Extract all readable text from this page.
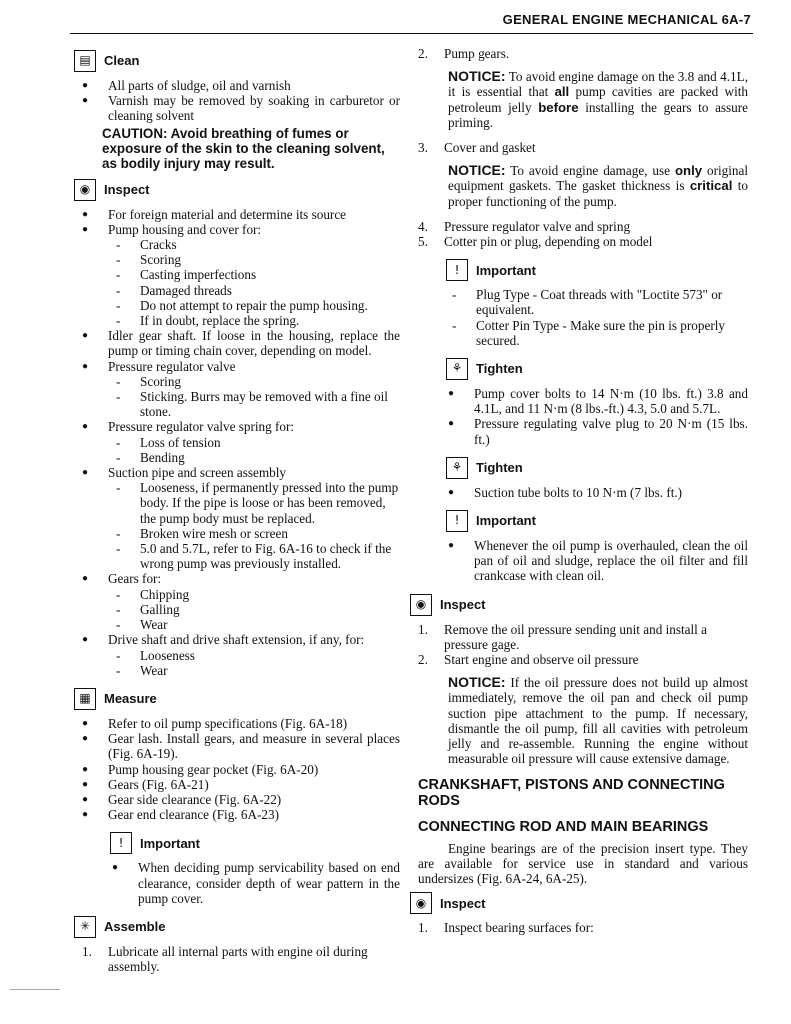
GENERAL ENGINE MECHANICAL 6A-7
▤	Clean
● All parts of sludge, oil and varnish
● Varnish may be removed by soaking in carburetor or cleaning solvent
CAUTION: Avoid breathing of fumes or exposure of the skin to the cleaning solvent, as bodily injury may result.
◉	Inspect
● For foreign material and determine its source
● Pump housing and cover for:
- Cracks
- Scoring
- Casting imperfections
- Damaged threads
- Do not attempt to repair the pump housing.
- If in doubt, replace the spring.
● Idler gear shaft. If loose in the housing, replace the pump or timing chain cover, depending on model.
● Pressure regulator valve
- Scoring
- Sticking. Burrs may be removed with a fine oil stone.
● Pressure regulator valve spring for:
- Loss of tension
- Bending
● Suction pipe and screen assembly
- Looseness, if permanently pressed into the pump body. If the pipe is loose or has been removed, the pump body must be replaced.
- Broken wire mesh or screen
- 5.0 and 5.7L, refer to Fig. 6A-16 to check if the wrong pump was previously installed.
● Gears for:
- Chipping
- Galling
- Wear
● Drive shaft and drive shaft extension, if any, for:
- Looseness
- Wear
▦	Measure
● Refer to oil pump specifications (Fig. 6A-18)
● Gear lash. Install gears, and measure in several places (Fig. 6A-19).
● Pump housing gear pocket (Fig. 6A-20)
● Gears (Fig. 6A-21)
● Gear side clearance (Fig. 6A-22)
● Gear end clearance (Fig. 6A-23)
!	Important
● When deciding pump servicability based on end clearance, consider depth of wear pattern in the pump cover.
✳	Assemble
1. Lubricate all internal parts with engine oil during assembly.
2. Pump gears.
NOTICE: To avoid engine damage on the 3.8 and 4.1L, it is essential that all pump cavities are packed with petroleum jelly before installing the gears to assure priming.
3. Cover and gasket
NOTICE: To avoid engine damage, use only original equipment gaskets. The gasket thickness is critical to proper functioning of the pump.
4. Pressure regulator valve and spring
5. Cotter pin or plug, depending on model
!	Important
- Plug Type - Coat threads with "Loctite 573" or equivalent.
- Cotter Pin Type - Make sure the pin is properly secured.
⚘	Tighten
● Pump cover bolts to 14 N·m (10 lbs. ft.) 3.8 and 4.1L, and 11 N·m (8 lbs.-ft.) 4.3, 5.0 and 5.7L.
● Pressure regulating valve plug to 20 N·m (15 lbs. ft.)
⚘	Tighten
● Suction tube bolts to 10 N·m (7 lbs. ft.)
!	Important
● Whenever the oil pump is overhauled, clean the oil pan of oil and sludge, replace the oil filter and fill crankcase with clean oil.
◉	Inspect
1. Remove the oil pressure sending unit and install a pressure gage.
2. Start engine and observe oil pressure
NOTICE: If the oil pressure does not build up almost immediately, remove the oil pan and check oil pump suction pipe attachment to the pump. If necessary, dismantle the oil pump, fill all cavities with petroleum jelly and re-assemble. Running the engine without measurable oil pressure will cause extensive damage.
CRANKSHAFT, PISTONS AND CONNECTING RODS
CONNECTING ROD AND MAIN BEARINGS
Engine bearings are of the precision insert type. They are available for service use in standard and various undersizes (Fig. 6A-24, 6A-25).
◉	Inspect
1. Inspect bearing surfaces for:
